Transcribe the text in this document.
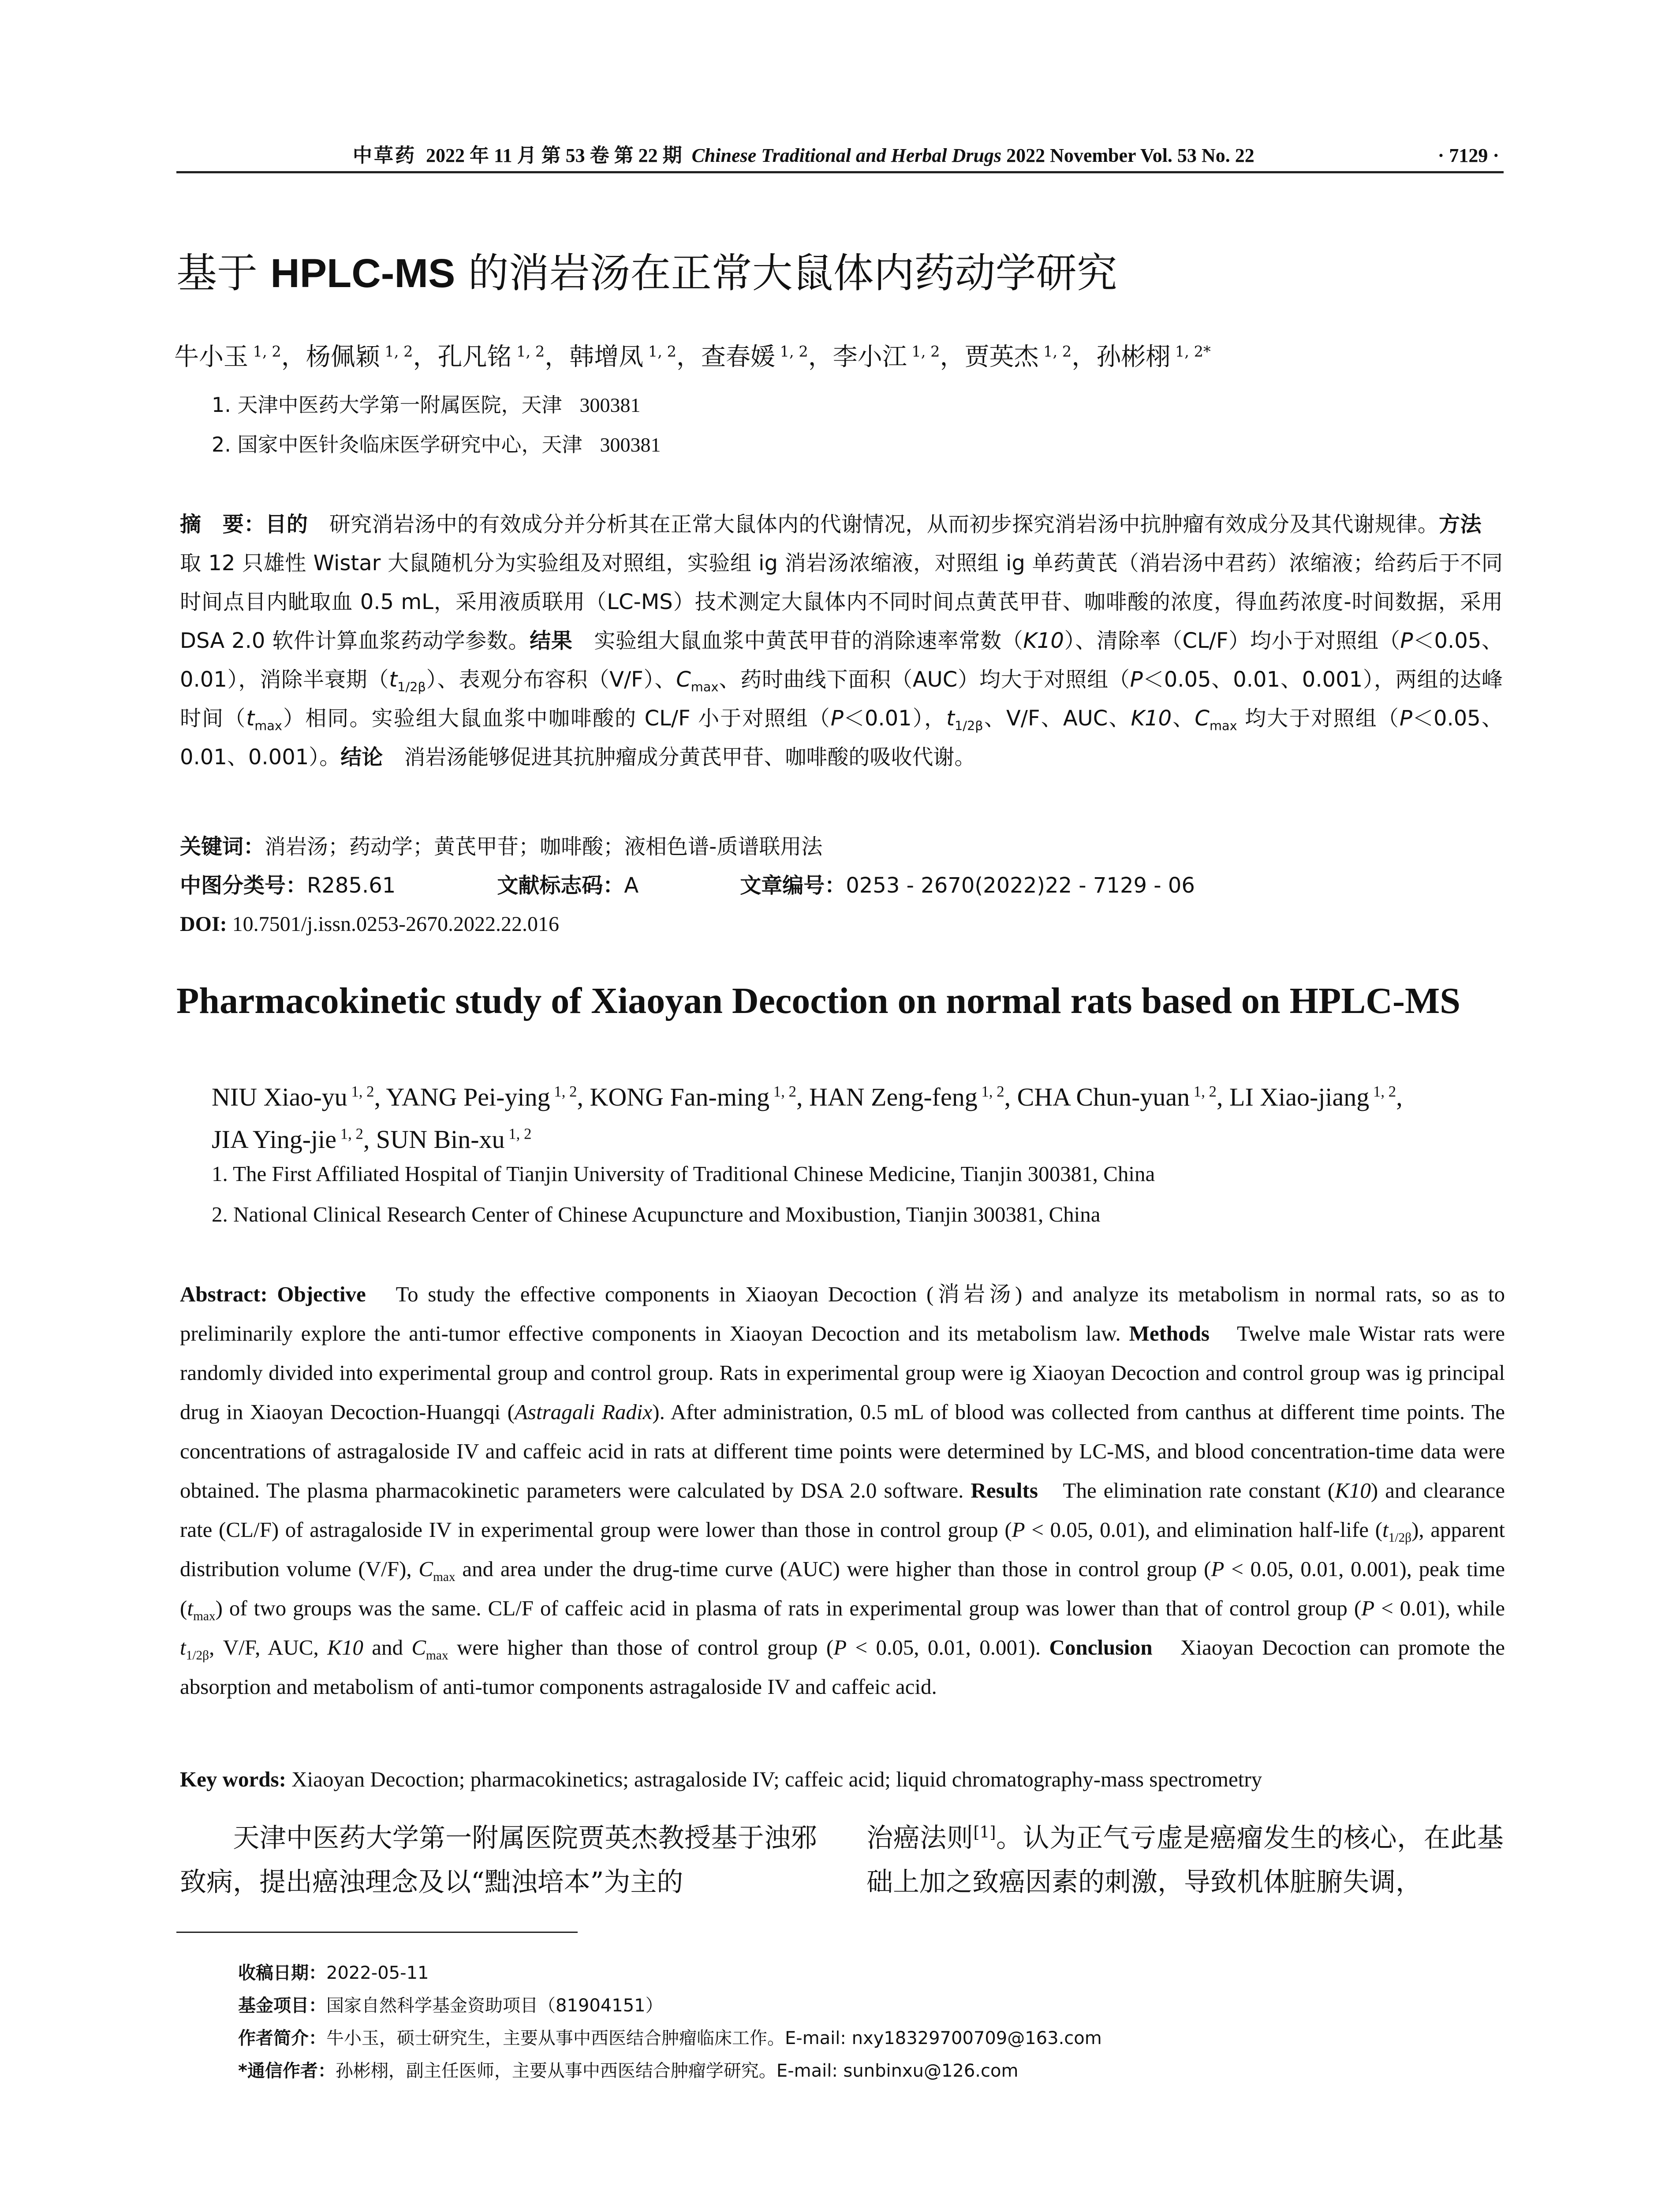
中草药 2022 年 11 月 第 53 卷 第 22 期 Chinese Traditional and Herbal Drugs 2022 November Vol. 53 No. 22	· 7129 ·
基于 HPLC-MS 的消岩汤在正常大鼠体内药动学研究
牛小玉 $^{1, 2}$，杨佩颖 $^{1, 2}$，孔凡铭 $^{1, 2}$，韩增凤 $^{1, 2}$，查春媛 $^{1, 2}$，李小江 $^{1, 2}$，贾英杰 $^{1, 2}$，孙彬栩 $^{1, 2*}$
1. 天津中医药大学第一附属医院，天津 300381
2. 国家中医针灸临床医学研究中心，天津 300381
摘　要：目的　研究消岩汤中的有效成分并分析其在正常大鼠体内的代谢情况，从而初步探究消岩汤中抗肿瘤有效成分及其代谢规律。方法　取 12 只雄性 Wistar 大鼠随机分为实验组及对照组，实验组 ig 消岩汤浓缩液，对照组 ig 单药黄芪（消岩汤中君药）浓缩液；给药后于不同时间点目内眦取血 0.5 mL，采用液质联用（LC-MS）技术测定大鼠体内不同时间点黄芪甲苷、咖啡酸的浓度，得血药浓度-时间数据，采用 DSA 2.0 软件计算血浆药动学参数。结果　实验组大鼠血浆中黄芪甲苷的消除速率常数（K10）、清除率（CL/F）均小于对照组（P＜0.05、0.01），消除半衰期$(t_{1/2\beta})$、表观分布容积（V/F）、$C_{max}$、药时曲线下面积（AUC）均大于对照组（P＜0.05、0.01、0.001），两组的达峰时间$(t_{max})$相同。实验组大鼠血浆中咖啡酸的 CL/F 小于对照组（P＜0.01），$t_{1/2\beta}$、V/F、AUC、K10、$C_{max}$ 均大于对照组（P＜0.05、0.01、0.001）。结论　消岩汤能够促进其抗肿瘤成分黄芪甲苷、咖啡酸的吸收代谢。
关键词：消岩汤；药动学；黄芪甲苷；咖啡酸；液相色谱-质谱联用法
中图分类号：R285.61	文献标志码：A	文章编号：0253 - 2670(2022)22 - 7129 - 06
DOI: 10.7501/j.issn.0253-2670.2022.22.016
Pharmacokinetic study of Xiaoyan Decoction on normal rats based on HPLC-MS
NIU Xiao-yu $^{1, 2}$, YANG Pei-ying $^{1, 2}$, KONG Fan-ming $^{1, 2}$, HAN Zeng-feng $^{1, 2}$, CHA Chun-yuan $^{1, 2}$, LI Xiao-jiang $^{1, 2}$,
JIA Ying-jie $^{1, 2}$, SUN Bin-xu $^{1, 2}$
1. The First Affiliated Hospital of Tianjin University of Traditional Chinese Medicine, Tianjin 300381, China
2. National Clinical Research Center of Chinese Acupuncture and Moxibustion, Tianjin 300381, China
Abstract: Objective　To study the effective components in Xiaoyan Decoction (消岩汤) and analyze its metabolism in normal rats, so as to preliminarily explore the anti-tumor effective components in Xiaoyan Decoction and its metabolism law. Methods　Twelve male Wistar rats were randomly divided into experimental group and control group. Rats in experimental group were ig Xiaoyan Decoction and control group was ig principal drug in Xiaoyan Decoction-Huangqi (Astragali Radix). After administration, 0.5 mL of blood was collected from canthus at different time points. The concentrations of astragaloside IV and caffeic acid in rats at different time points were determined by LC-MS, and blood concentration-time data were obtained. The plasma pharmacokinetic parameters were calculated by DSA 2.0 software. Results　The elimination rate constant (K10) and clearance rate (CL/F) of astragaloside IV in experimental group were lower than those in control group (P < 0.05, 0.01), and elimination half-life $(t_{1/2\beta})$, apparent distribution volume (V/F), $C_{max}$ and area under the drug-time curve (AUC) were higher than those in control group (P < 0.05, 0.01, 0.001), peak time $(t_{max})$ of two groups was the same. CL/F of caffeic acid in plasma of rats in experimental group was lower than that of control group (P < 0.01), while $t_{1/2\beta}$, V/F, AUC, K10 and $C_{max}$ were higher than those of control group (P < 0.05, 0.01, 0.001). Conclusion　Xiaoyan Decoction can promote the absorption and metabolism of anti-tumor components astragaloside IV and caffeic acid.
Key words: Xiaoyan Decoction; pharmacokinetics; astragaloside IV; caffeic acid; liquid chromatography-mass spectrometry
　　天津中医药大学第一附属医院贾英杰教授基于浊邪致病，提出癌浊理念及以“黜浊培本”为主的
治癌法则[1]。认为正气亏虚是癌瘤发生的核心，在此基础上加之致癌因素的刺激，导致机体脏腑失调，
收稿日期：2022-05-11
基金项目：国家自然科学基金资助项目（81904151）
作者简介：牛小玉，硕士研究生，主要从事中西医结合肿瘤临床工作。E-mail: nxy18329700709@163.com
*通信作者：孙彬栩，副主任医师，主要从事中西医结合肿瘤学研究。E-mail: sunbinxu@126.com
